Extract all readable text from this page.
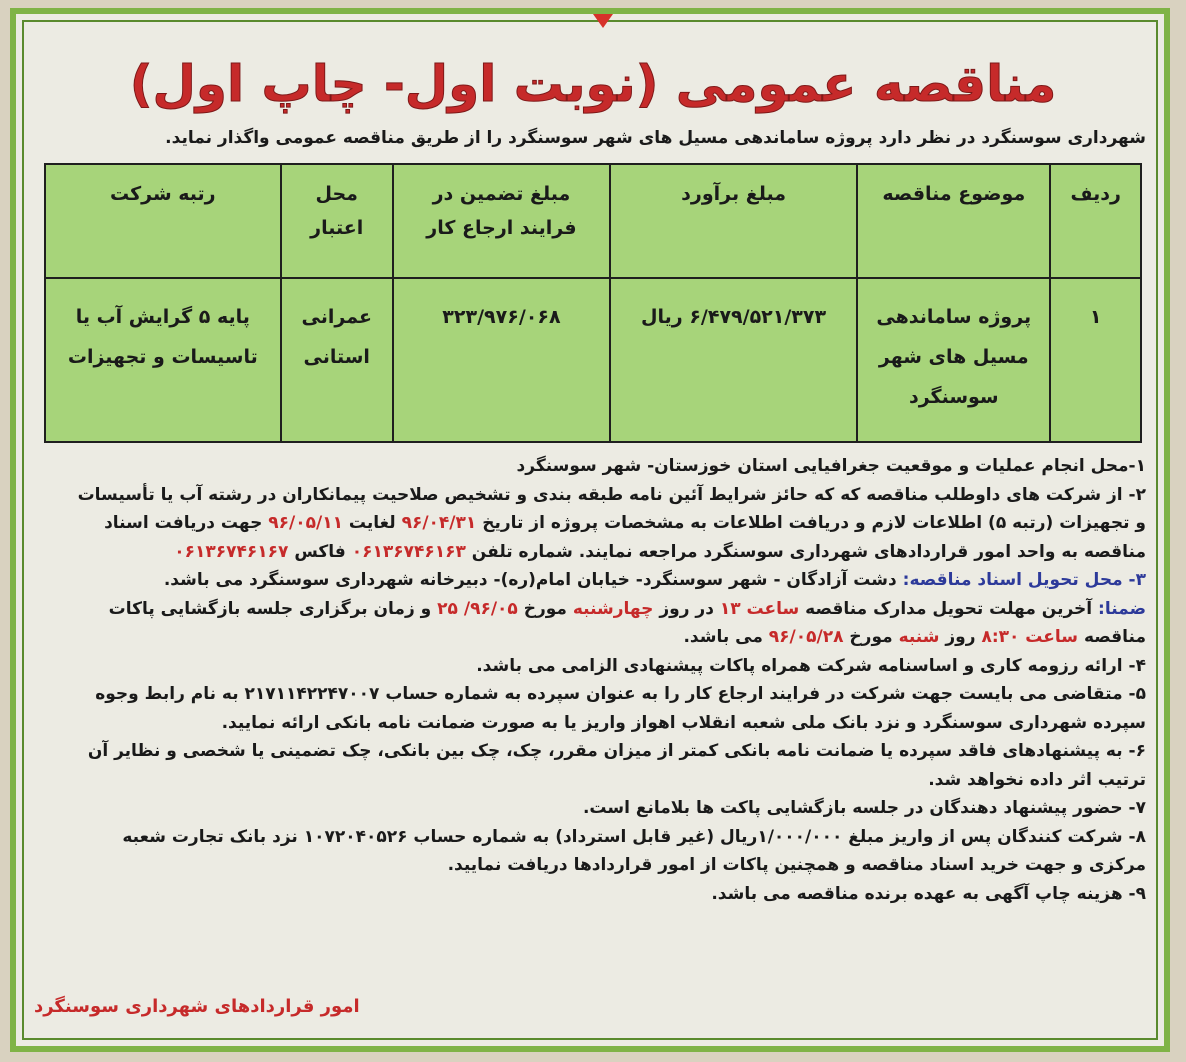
مناقصه عمومی (نوبت اول- چاپ اول)
شهرداری سوسنگرد در نظر دارد پروژه ساماندهی مسیل های شهر سوسنگرد را از طریق مناقصه عمومی واگذار نماید.
ردیف	موضوع مناقصه	مبلغ برآورد	مبلغ تضمین در فرایند ارجاع کار	محل اعتبار	رتبه شرکت
۱	پروژه ساماندهی مسیل های شهر سوسنگرد	۶/۴۷۹/۵۲۱/۳۷۳ ریال	۳۲۳/۹۷۶/۰۶۸	عمرانی استانی	پایه ۵ گرایش آب یا تاسیسات و تجهیزات

۱-محل انجام عملیات و موقعیت جغرافیایی استان خوزستان- شهر سوسنگرد

۲- از شرکت های داوطلب مناقصه که که حائز شرایط آئین نامه طبقه بندی و تشخیص صلاحیت پیمانکاران در رشته آب یا تأسیسات

و تجهیزات (رتبه ۵) اطلاعات لازم و دریافت اطلاعات به مشخصات پروژه از تاریخ ۹۶/۰۴/۳۱ لغایت ۹۶/۰۵/۱۱ جهت دریافت اسناد

مناقصه به واحد امور قراردادهای شهرداری سوسنگرد مراجعه نمایند. شماره تلفن ۰۶۱۳۶۷۴۶۱۶۳ فاکس ۰۶۱۳۶۷۴۶۱۶۷

۳- محل تحویل اسناد مناقصه: دشت آزادگان - شهر سوسنگرد- خیابان امام(ره)- دبیرخانه شهرداری سوسنگرد می باشد.

ضمنا: آخرین مهلت تحویل مدارک مناقصه ساعت ۱۳ در روز چهارشنبه مورخ ۹۶/۰۵/ ۲۵ و زمان برگزاری جلسه بازگشایی پاکات

مناقصه ساعت ۸:۳۰ روز شنبه مورخ ۹۶/۰۵/۲۸ می باشد.

۴- ارائه رزومه کاری و اساسنامه شرکت همراه پاکات پیشنهادی الزامی می باشد.

۵- متقاضی می بایست جهت شرکت در فرایند ارجاع کار را به عنوان سپرده به شماره حساب ۲۱۷۱۱۴۲۲۴۷۰۰۷ به نام رابط وجوه

سپرده شهرداری سوسنگرد و نزد بانک ملی شعبه انقلاب اهواز واریز یا به صورت ضمانت نامه بانکی ارائه نمایید.

۶- به پیشنهادهای فاقد سپرده یا ضمانت نامه بانکی کمتر از میزان مقرر، چک، چک بین بانکی، چک تضمینی یا شخصی و نظایر آن

ترتیب اثر داده نخواهد شد.

۷- حضور پیشنهاد دهندگان در جلسه بازگشایی پاکت ها بلامانع است.

۸- شرکت کنندگان پس از واریز مبلغ ۱/۰۰۰/۰۰۰ریال (غیر قابل استرداد) به شماره حساب ۱۰۷۲۰۴۰۵۲۶ نزد بانک تجارت شعبه

مرکزی و جهت خرید اسناد مناقصه و همچنین پاکات از امور قراردادها دریافت نمایید.

۹- هزینه چاپ آگهی به عهده برنده مناقصه می باشد.

امور قراردادهای شهرداری سوسنگرد
